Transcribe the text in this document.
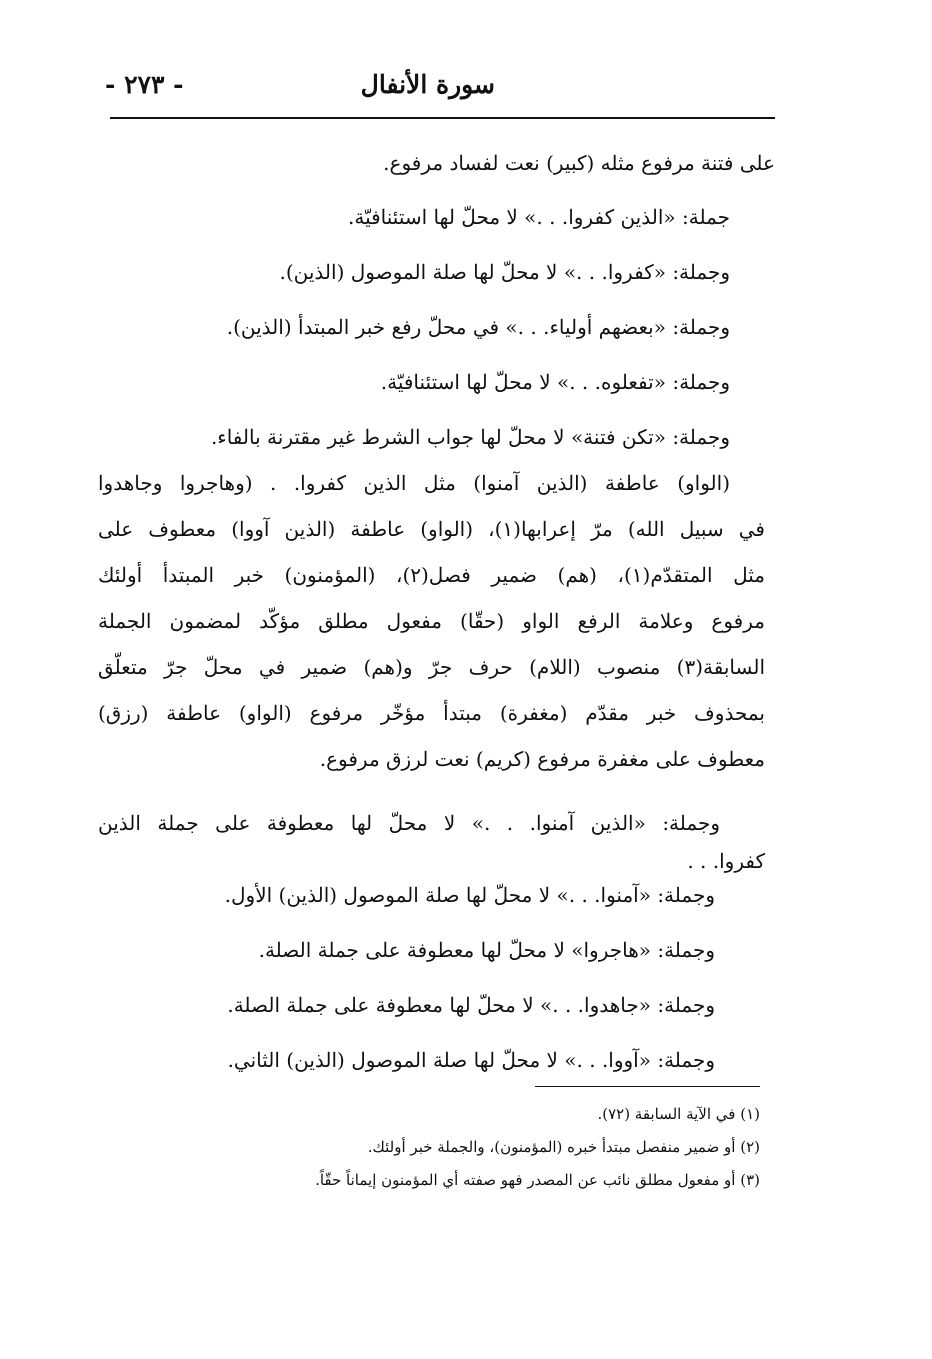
- ٢٧٣ -	سورة الأنفال
على فتنة مرفوع مثله (كبير) نعت لفساد مرفوع.
جملة: «الذين كفروا. . .» لا محلّ لها استئنافيّة.
وجملة: «كفروا. . .» لا محلّ لها صلة الموصول (الذين).
وجملة: «بعضهم أولياء. . .» في محلّ رفع خبر المبتدأ (الذين).
وجملة: «تفعلوه. . .» لا محلّ لها استئنافيّة.
وجملة: «تكن فتنة» لا محلّ لها جواب الشرط غير مقترنة بالفاء.
(الواو) عاطفة (الذين آمنوا) مثل الذين كفروا. . (وهاجروا وجاهدوا
في سبيل الله) مرّ إعرابها(١)، (الواو) عاطفة (الذين آووا) معطوف على
مثل المتقدّم(١)، (هم) ضمير فصل(٢)، (المؤمنون) خبر المبتدأ أولئك
مرفوع وعلامة الرفع الواو (حقّا) مفعول مطلق مؤكّد لمضمون الجملة
السابقة(٣) منصوب (اللام) حرف جرّ و(هم) ضمير في محلّ جرّ متعلّق
بمحذوف خبر مقدّم (مغفرة) مبتدأ مؤخّر مرفوع (الواو) عاطفة (رزق)
معطوف على مغفرة مرفوع (كريم) نعت لرزق مرفوع.
وجملة: «الذين آمنوا. . .» لا محلّ لها معطوفة على جملة الذين
كفروا. . .
وجملة: «آمنوا. . .» لا محلّ لها صلة الموصول (الذين) الأول.
وجملة: «هاجروا» لا محلّ لها معطوفة على جملة الصلة.
وجملة: «جاهدوا. . .» لا محلّ لها معطوفة على جملة الصلة.
وجملة: «آووا. . .» لا محلّ لها صلة الموصول (الذين) الثاني.
(١) في الآية السابقة (٧٢).
(٢) أو ضمير منفصل مبتدأ خبره (المؤمنون)، والجملة خبر أولئك.
(٣) أو مفعول مطلق نائب عن المصدر فهو صفته أي المؤمنون إيماناً حقّاً.
